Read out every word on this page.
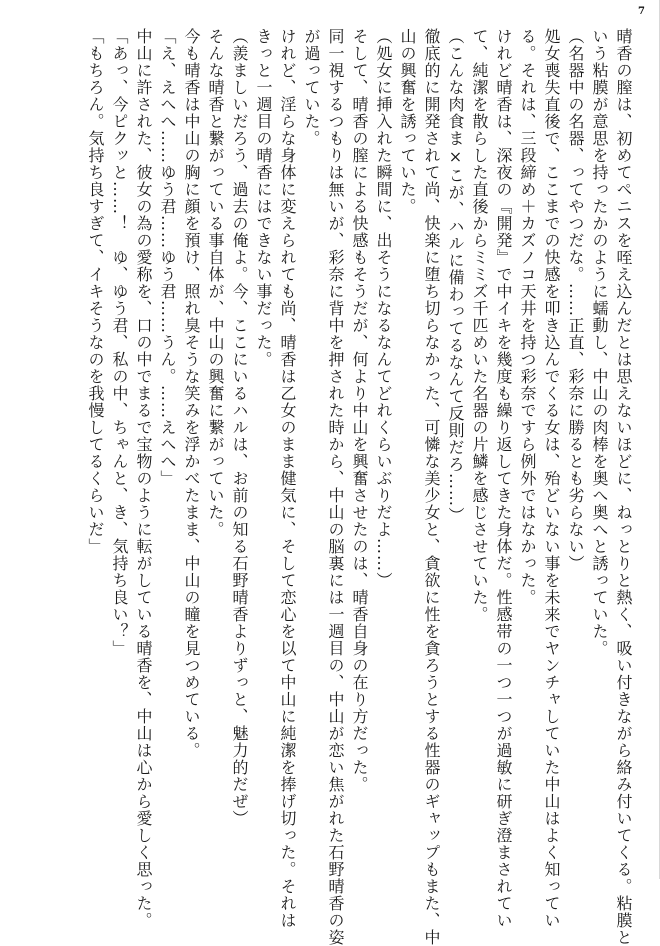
7
晴香の膣は、初めてペニスを咥え込んだとは思えないほどに、ねっとりと熱く、吸い付きながら絡み付いてくる。粘膜と
いう粘膜が意思を持ったかのように蠕動し、中山の肉棒を奥へ奥へと誘っていた。
（名器中の名器、ってやつだな。……正直、彩奈に勝るとも劣らない）
処女喪失直後で、ここまでの快感を叩き込んでくる女は、殆どいない事を未来でヤンチャしていた中山はよく知ってい
る。それは、三段締め＋カズノコ天井を持つ彩奈ですら例外ではなかった。
けれど晴香は、深夜の『開発』で中イキを幾度も繰り返してきた身体だ。性感帯の一つ一つが過敏に研ぎ澄まされてい
て、純潔を散らした直後からミミズ千匹めいた名器の片鱗を感じさせていた。
（こんな肉食ま×こが、ハルに備わってるなんて反則だろ……）
徹底的に開発されて尚、快楽に堕ち切らなかった、可憐な美少女と、貪欲に性を貪ろうとする性器のギャップもまた、中
山の興奮を誘っていた。
（処女に挿入れた瞬間に、出そうになるなんてどれくらいぶりだよ……）
そして、晴香の膣による快感もそうだが、何より中山を興奮させたのは、晴香自身の在り方だった。
同一視するつもりは無いが、彩奈に背中を押された時から、中山の脳裏には一週目の、中山が恋い焦がれた石野晴香の姿
が過っていた。
けれど、淫らな身体に変えられても尚、晴香は乙女のまま健気に、そして恋心を以て中山に純潔を捧げ切った。それは
きっと一週目の晴香にはできない事だった。
（羨ましいだろう、過去の俺よ。今、ここにいるハルは、お前の知る石野晴香よりずっと、魅力的だぜ）
そんな晴香と繋がっている事自体が、中山の興奮に繋がっていた。
今も晴香は中山の胸に顔を預け、照れ臭そうな笑みを浮かべたまま、中山の瞳を見つめている。
「え、えへへ……ゆう君……ゆう君……うん。……えへへ」
中山に許された、彼女の為の愛称を、口の中でまるで宝物のように転がしている晴香を、中山は心から愛しく思った。
「あっ、今ピクッと……！　ゆ、ゆう君、私の中、ちゃんと、き、気持ち良い？」
「もちろん。気持ち良すぎて、イキそうなのを我慢してるくらいだ」
